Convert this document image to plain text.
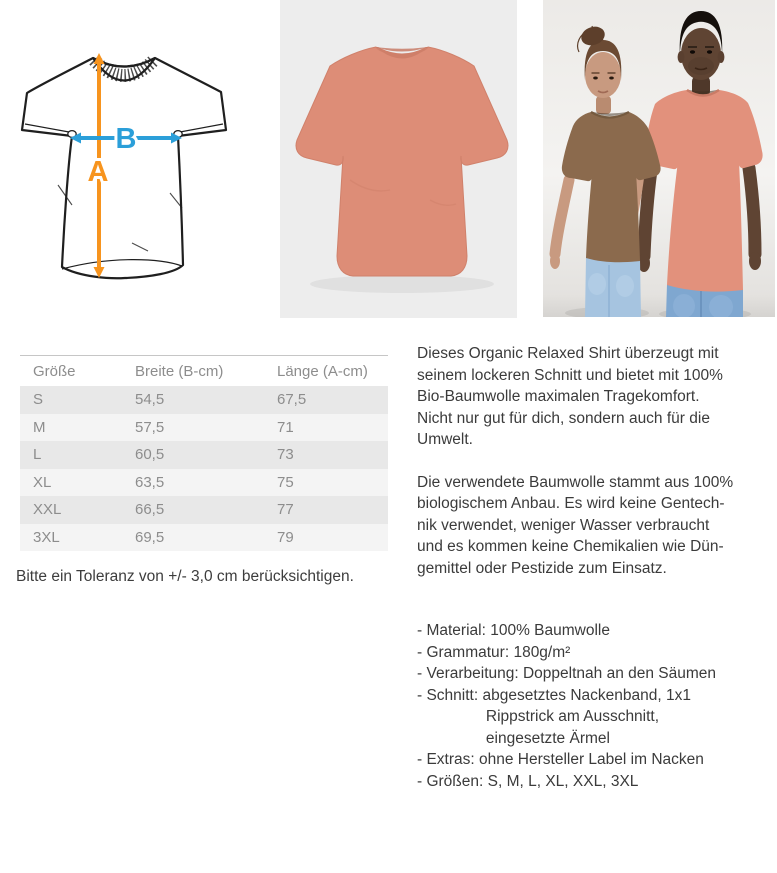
A
B
Größe	Breite (B-cm)	Länge (A-cm)
S	54,5	67,5
M	57,5	71
L	60,5	73
XL	63,5	75
XXL	66,5	77
3XL	69,5	79
Bitte ein Toleranz von +/- 3,0 cm berücksichtigen.
Dieses Organic Relaxed Shirt überzeugt mit
seinem lockeren Schnitt und bietet mit 100%
Bio-Baumwolle maximalen Tragekomfort.
Nicht nur gut für dich, sondern auch für die
Umwelt.
Die verwendete Baumwolle stammt aus 100%
biologischem Anbau. Es wird keine Gentech-
nik verwendet, weniger Wasser verbraucht
und es kommen keine Chemikalien wie Dün-
gemittel oder Pestizide zum Einsatz.
- Material: 100% Baumwolle
- Grammatur: 180g/m²
- Verarbeitung: Doppeltnah an den Säumen
- Schnitt: abgesetztes Nackenband, 1x1
Rippstrick am Ausschnitt,
eingesetzte Ärmel
- Extras: ohne Hersteller Label im Nacken
- Größen: S, M, L, XL, XXL, 3XL
